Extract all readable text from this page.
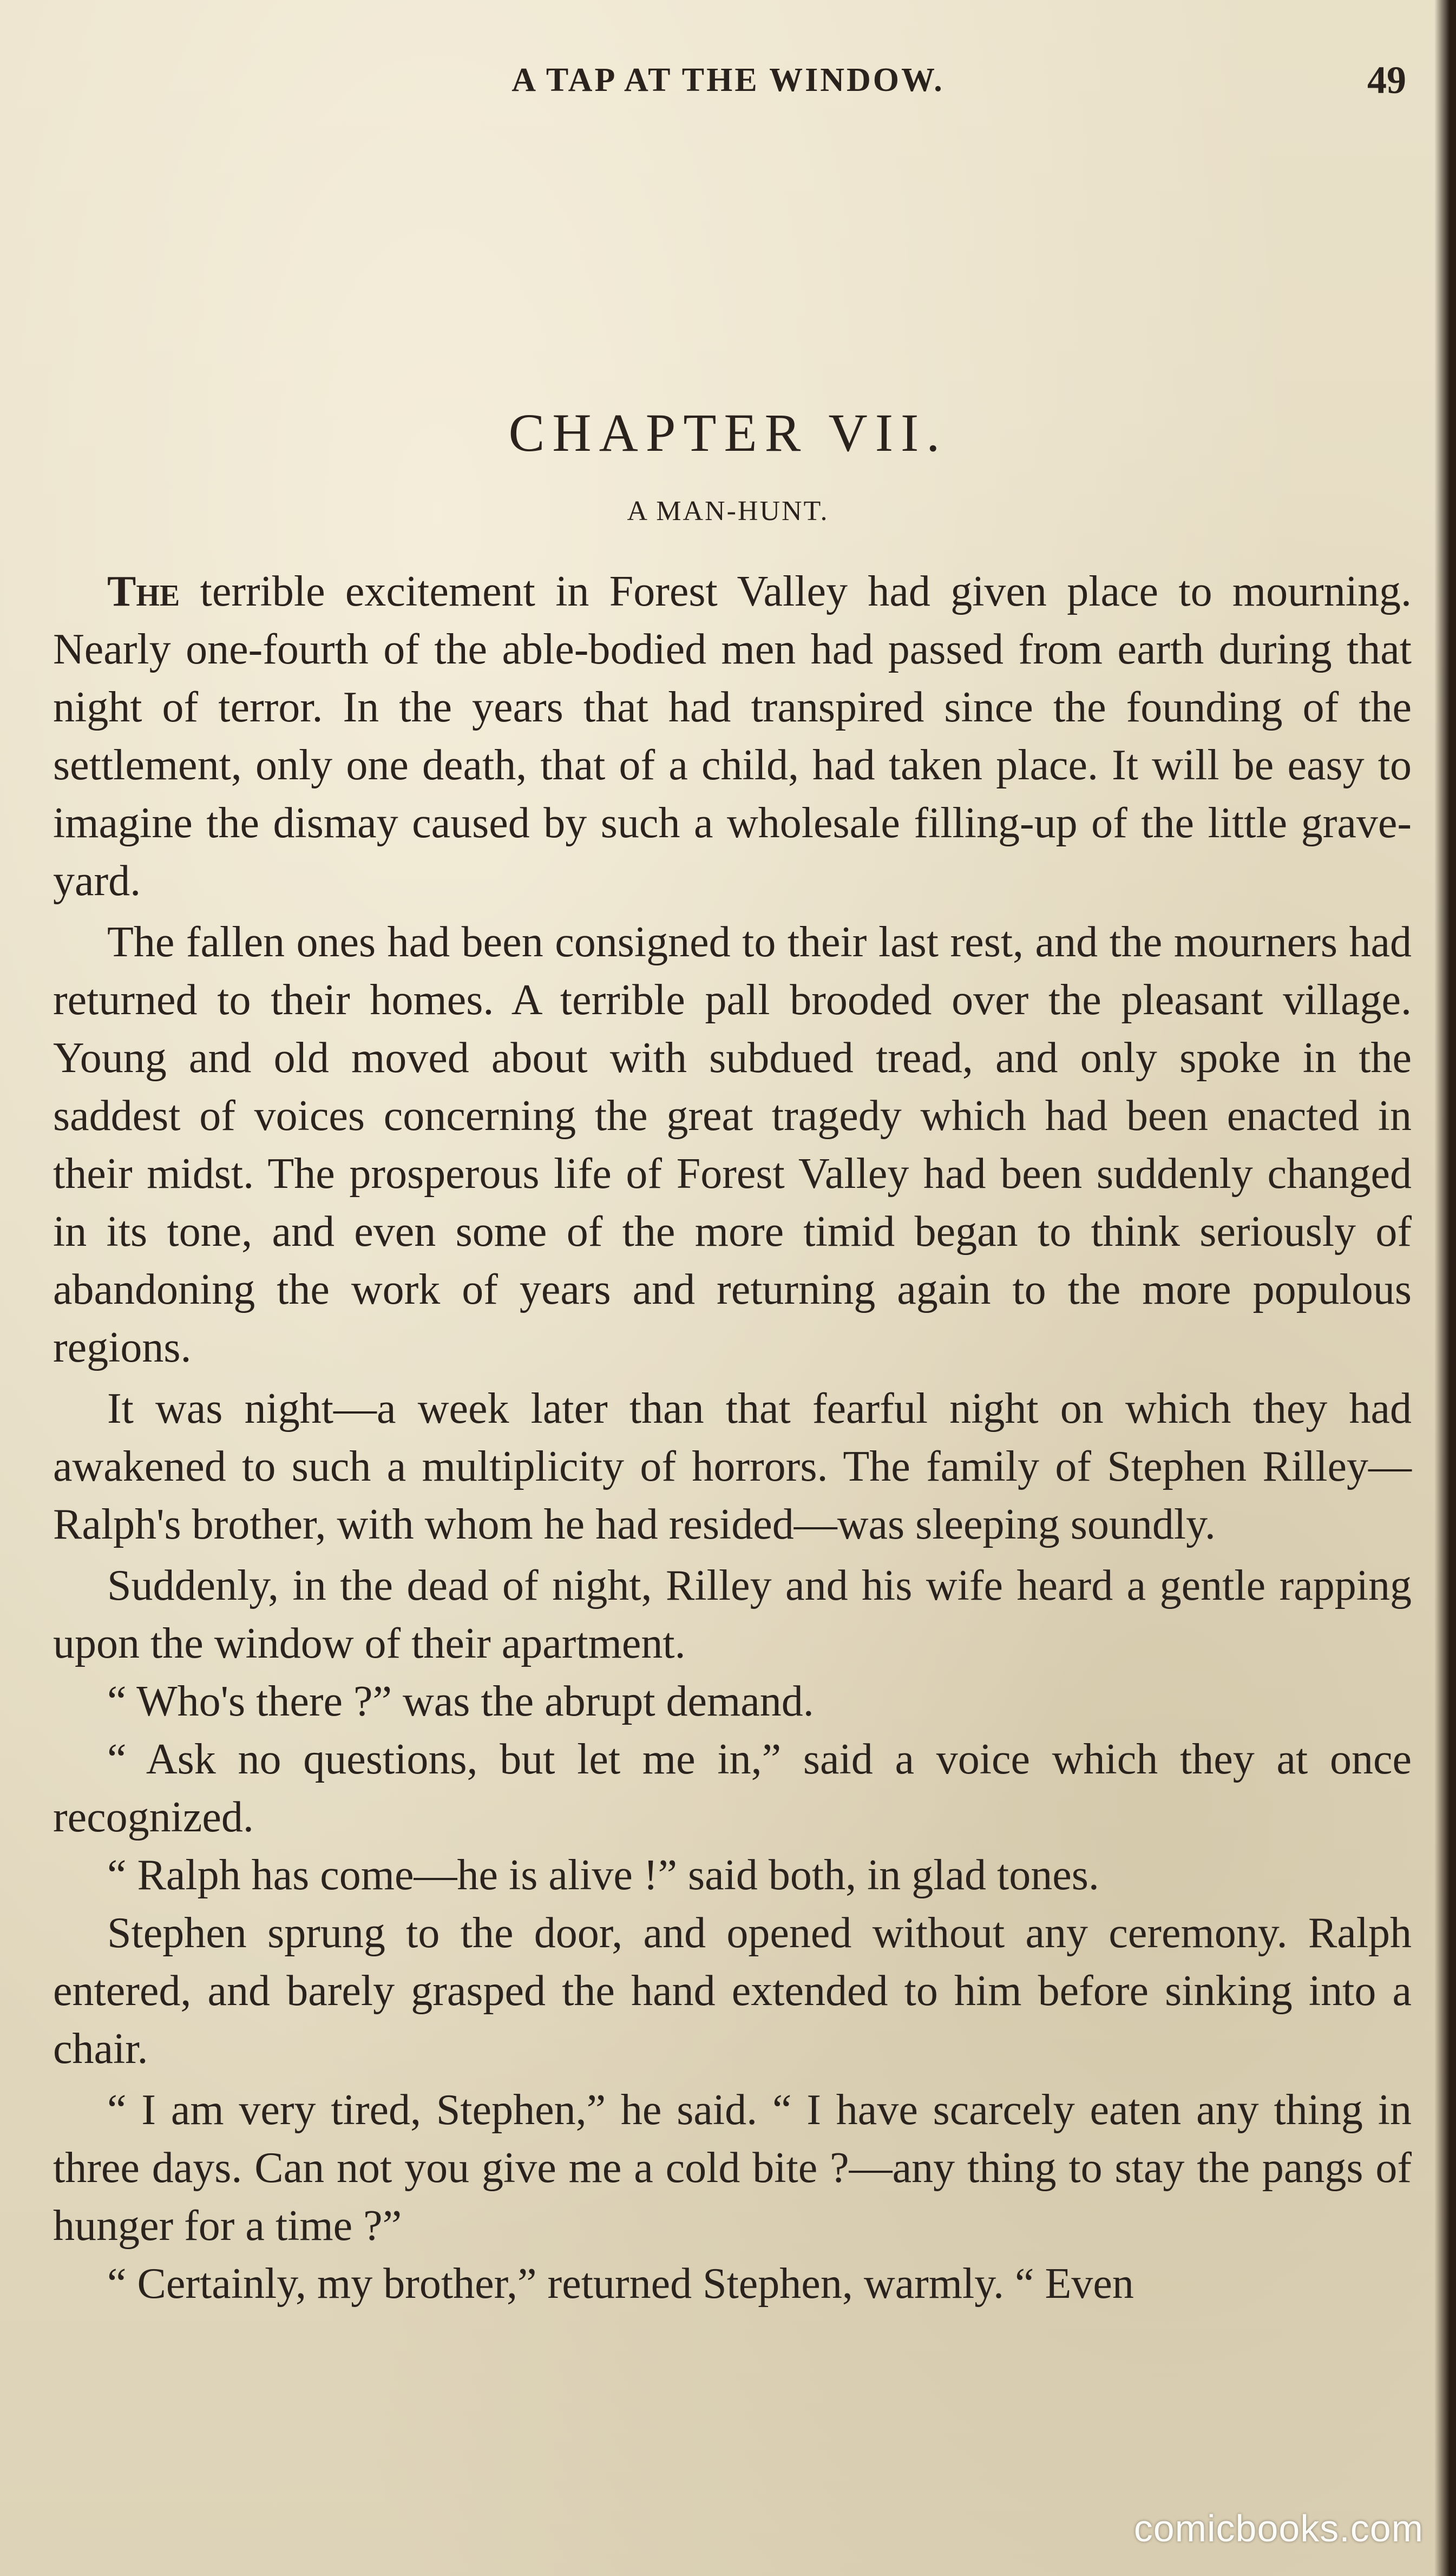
A TAP AT THE WINDOW.	49
CHAPTER VII.
A MAN-HUNT.

The terrible excitement in Forest Valley had given place to mourning. Nearly one-fourth of the able-bodied men had passed from earth during that night of terror. In the years that had transpired since the founding of the settlement, only one death, that of a child, had taken place. It will be easy to imagine the dismay caused by such a wholesale filling-up of the little grave-yard.

The fallen ones had been consigned to their last rest, and the mourners had returned to their homes. A terrible pall brooded over the pleasant village. Young and old moved about with subdued tread, and only spoke in the saddest of voices concerning the great tragedy which had been enacted in their midst. The prosperous life of Forest Valley had been suddenly changed in its tone, and even some of the more timid began to think seriously of abandoning the work of years and returning again to the more populous regions.

It was night—a week later than that fearful night on which they had awakened to such a multiplicity of horrors. The family of Stephen Rilley—Ralph's brother, with whom he had resided—was sleeping soundly.

Suddenly, in the dead of night, Rilley and his wife heard a gentle rapping upon the window of their apartment.

“ Who's there ?” was the abrupt demand.

“ Ask no questions, but let me in,” said a voice which they at once recognized.

“ Ralph has come—he is alive !” said both, in glad tones.

Stephen sprung to the door, and opened without any ceremony. Ralph entered, and barely grasped the hand extended to him before sinking into a chair.

“ I am very tired, Stephen,” he said. “ I have scarcely eaten any thing in three days. Can not you give me a cold bite ?—any thing to stay the pangs of hunger for a time ?”

“ Certainly, my brother,” returned Stephen, warmly. “ Even

comicbooks.com
